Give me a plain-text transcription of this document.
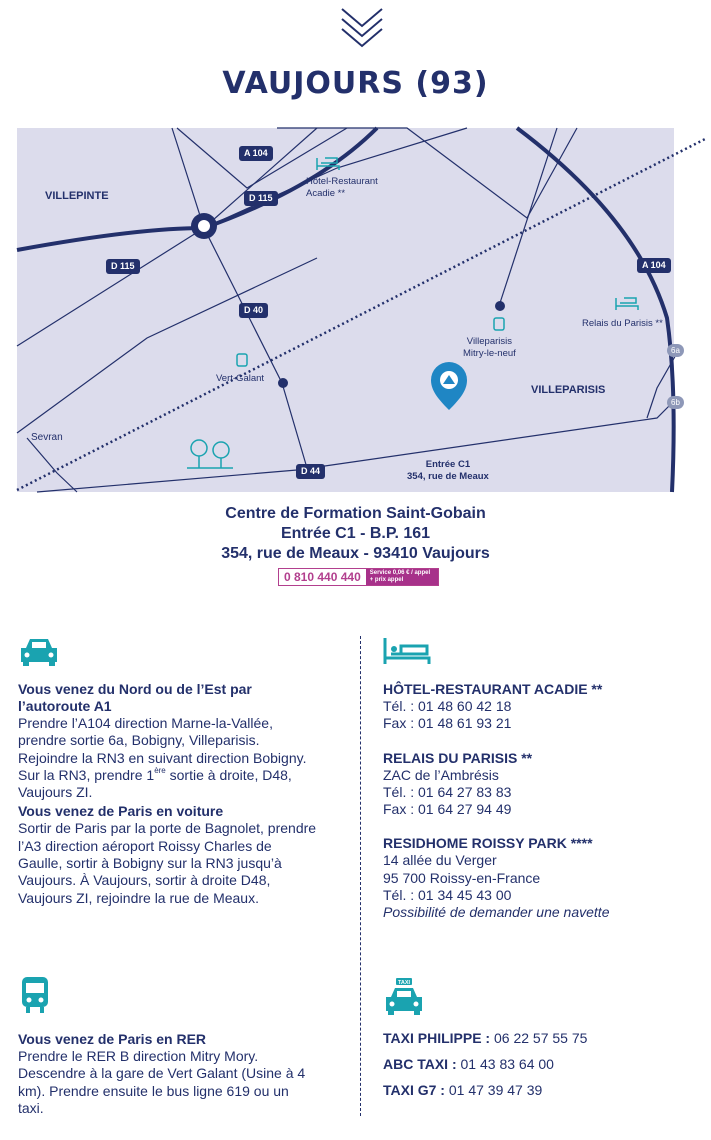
VAUJOURS (93)
VILLEPINTE
VILLEPARISIS
Sevran
Hôtel-Restaurant
Acadie **
Relais du Parisis **
Villeparisis
Mitry-le-neuf
Vert-Galant
Entrée C1
354, rue de Meaux
A 104
A 104
D 115
D 115
D 40
D 44
6a
6b
Centre de Formation Saint-Gobain
Entrée C1 - B.P. 161
354, rue de Meaux - 93410 Vaujours
0 810 440 440	Service 0,06 € / appel
+ prix appel
Vous venez du Nord ou de l’Est par l’autoroute A1
Prendre l’A104 direction Marne-la-Vallée, prendre sortie 6a, Bobigny, Villeparisis. Rejoindre la RN3 en suivant direction Bobigny. Sur la RN3, prendre 1ère sortie à droite, D48, Vaujours ZI.
Vous venez de Paris en voiture
Sortir de Paris par la porte de Bagnolet, prendre l’A3 direction aéroport Roissy Charles de Gaulle, sortir à Bobigny sur la RN3 jusqu’à Vaujours. À Vaujours, sortir à droite D48, Vaujours ZI, rejoindre la rue de Meaux.
Vous venez de Paris en RER
Prendre le RER B direction Mitry Mory. Descendre à la gare de Vert Galant (Usine à 4 km). Prendre ensuite le bus ligne 619 ou un taxi.
HÔTEL-RESTAURANT ACADIE **
Tél. : 01 48 60 42 18
Fax : 01 48 61 93 21
RELAIS DU PARISIS **
ZAC de l’Ambrésis
Tél. : 01 64 27 83 83
Fax : 01 64 27 94 49
RESIDHOME ROISSY PARK ****
14 allée du Verger
95 700 Roissy-en-France
Tél. : 01 34 45 43 00
Possibilité de demander une navette
TAXI
TAXI PHILIPPE : 06 22 57 55 75
ABC TAXI : 01 43 83 64 00
TAXI G7 : 01 47 39 47 39
